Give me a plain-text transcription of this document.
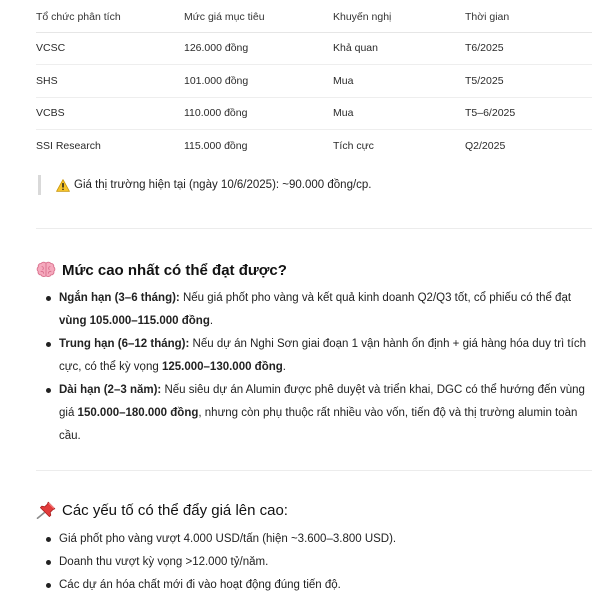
Tổ chức phân tích	Mức giá mục tiêu	Khuyến nghị	Thời gian
VCSC	126.000 đồng	Khả quan	T6/2025
SHS	101.000 đồng	Mua	T5/2025
VCBS	110.000 đồng	Mua	T5–6/2025
SSI Research	115.000 đồng	Tích cực	Q2/2025
Giá thị trường hiện tại (ngày 10/6/2025): ~90.000 đồng/cp.
Mức cao nhất có thể đạt được?
Ngắn hạn (3–6 tháng): Nếu giá phốt pho vàng và kết quả kinh doanh Q2/Q3 tốt, cổ phiếu có thể đạt vùng 105.000–115.000 đồng.
Trung hạn (6–12 tháng): Nếu dự án Nghi Sơn giai đoạn 1 vận hành ổn định + giá hàng hóa duy trì tích cực, có thể kỳ vọng 125.000–130.000 đồng.
Dài hạn (2–3 năm): Nếu siêu dự án Alumin được phê duyệt và triển khai, DGC có thể hướng đến vùng giá 150.000–180.000 đồng, nhưng còn phụ thuộc rất nhiều vào vốn, tiến độ và thị trường alumin toàn cầu.
Các yếu tố có thể đẩy giá lên cao:
Giá phốt pho vàng vượt 4.000 USD/tấn (hiện ~3.600–3.800 USD).
Doanh thu vượt kỳ vọng >12.000 tỷ/năm.
Các dự án hóa chất mới đi vào hoạt động đúng tiến độ.
